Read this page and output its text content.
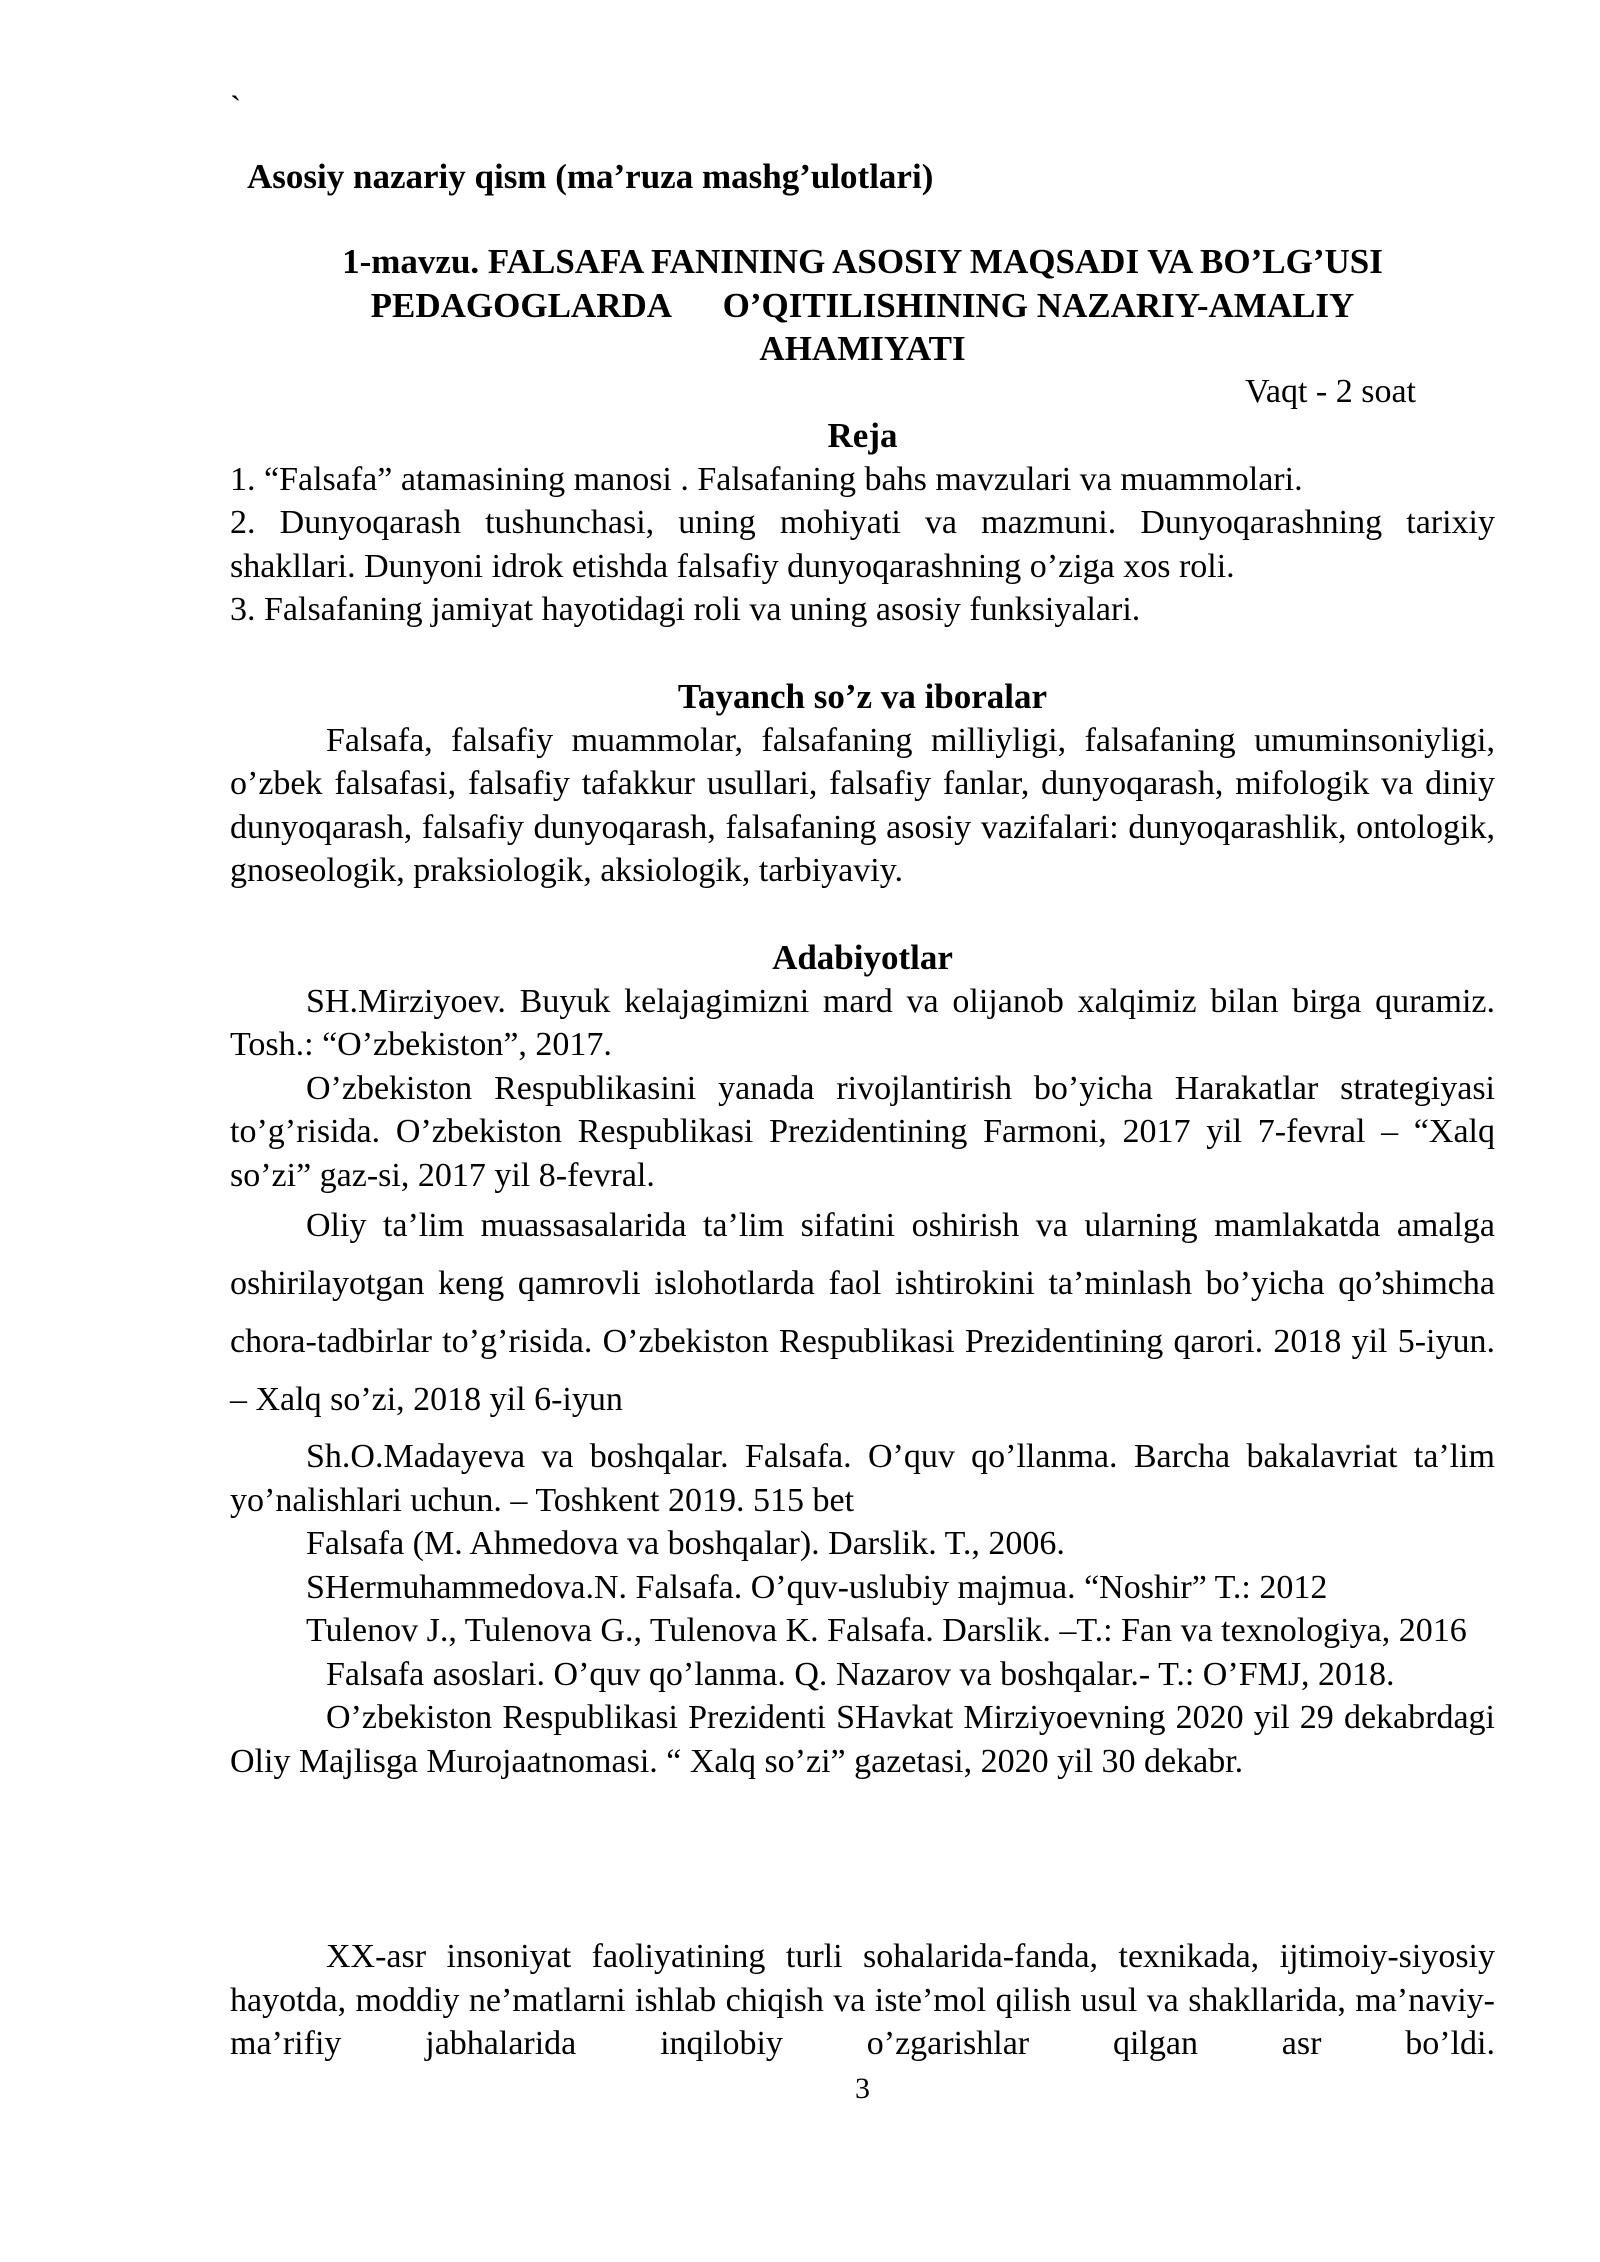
`
Asosiy nazariy qism (ma’ruza mashg’ulotlari)
1-mavzu. FALSAFA FANINING ASOSIY MAQSADI VA BO’LG’USI
PEDAGOGLARDA      O’QITILISHINING NAZARIY-AMALIY
AHAMIYATI
Vaqt - 2 soat
Reja
1. “Falsafa” atamasining manosi . Falsafaning bahs mavzulari va muammolari.
2. Dunyoqarash tushunchasi, uning mohiyati va mazmuni. Dunyoqarashning tarixiy shakllari. Dunyoni idrok etishda falsafiy dunyoqarashning o’ziga xos roli.
3. Falsafaning jamiyat hayotidagi roli va uning asosiy funksiyalari.
Tayanch so’z va iboralar
Falsafa, falsafiy muammolar, falsafaning milliyligi, falsafaning umuminsoniyligi, o’zbek falsafasi, falsafiy tafakkur usullari, falsafiy fanlar, dunyoqarash, mifologik va diniy dunyoqarash, falsafiy dunyoqarash, falsafaning asosiy vazifalari: dunyoqarashlik, ontologik, gnoseologik, praksiologik, aksiologik, tarbiyaviy.
Adabiyotlar
SH.Mirziyoev. Buyuk kelajagimizni mard va olijanob xalqimiz bilan birga quramiz. Tosh.: “O’zbekiston”, 2017.
O’zbekiston Respublikasini yanada rivojlantirish bo’yicha Harakatlar strategiyasi to’g’risida. O’zbekiston Respublikasi Prezidentining Farmoni, 2017 yil 7-fevral – “Xalq so’zi” gaz-si, 2017 yil 8-fevral.
Oliy ta’lim muassasalarida ta’lim sifatini oshirish va ularning mamlakatda amalga oshirilayotgan keng qamrovli islohotlarda faol ishtirokini ta’minlash bo’yicha qo’shimcha chora-tadbirlar to’g’risida. O’zbekiston Respublikasi Prezidentining qarori. 2018 yil 5-iyun. – Xalq so’zi, 2018 yil 6-iyun
Sh.O.Madayeva va boshqalar. Falsafa. O’quv qo’llanma. Barcha bakalavriat ta’lim yo’nalishlari uchun. – Toshkent 2019. 515 bet
Falsafa (M. Ahmedova va boshqalar). Darslik. T., 2006.
SHermuhammedova.N. Falsafa. O’quv-uslubiy majmua. “Noshir” T.: 2012
Tulenov J., Tulenova G., Tulenova K. Falsafa. Darslik. –T.: Fan va texnologiya, 2016
Falsafa asoslari. O’quv qo’lanma. Q. Nazarov va boshqalar.- T.: O’FMJ, 2018.
O’zbekiston Respublikasi Prezidenti SHavkat Mirziyoevning 2020 yil 29 dekabrdagi Oliy Majlisga Murojaatnomasi. “ Xalq so’zi” gazetasi, 2020 yil 30 dekabr.
XX-asr insoniyat faoliyatining turli sohalarida-fanda, texnikada, ijtimoiy-siyosiy hayotda, moddiy ne’matlarni ishlab chiqish va iste’mol qilish usul va shakllarida, ma’naviy-ma’rifiy jabhalarida inqilobiy o’zgarishlar qilgan asr bo’ldi.
3
